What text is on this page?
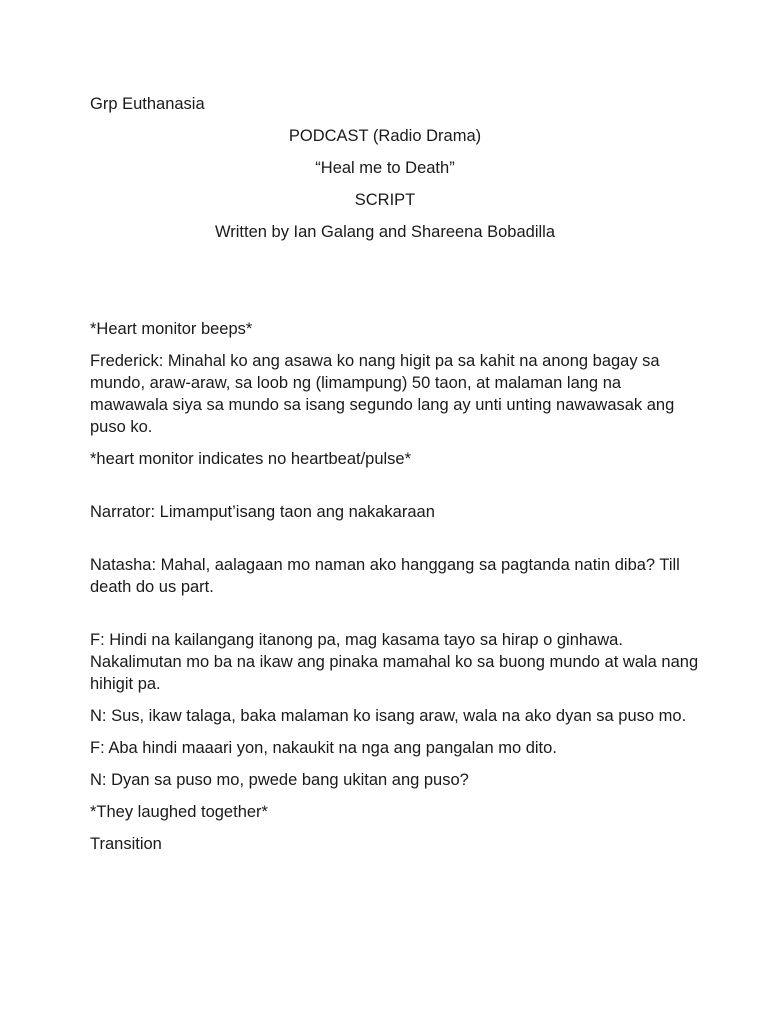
Grp Euthanasia

PODCAST (Radio Drama)

“Heal me to Death”

SCRIPT

Written by Ian Galang and Shareena Bobadilla

*Heart monitor beeps*

Frederick: Minahal ko ang asawa ko nang higit pa sa kahit na anong bagay sa mundo, araw-araw, sa loob ng (limampung) 50 taon, at malaman lang na mawawala siya sa mundo sa isang segundo lang ay unti unting nawawasak ang puso ko.

*heart monitor indicates no heartbeat/pulse*

Narrator: Limamput’isang taon ang nakakaraan

Natasha: Mahal, aalagaan mo naman ako hanggang sa pagtanda natin diba? Till death do us part.

F: Hindi na kailangang itanong pa, mag kasama tayo sa hirap o ginhawa. Nakalimutan mo ba na ikaw ang pinaka mamahal ko sa buong mundo at wala nang hihigit pa.

N: Sus, ikaw talaga, baka malaman ko isang araw, wala na ako dyan sa puso mo.

F: Aba hindi maaari yon, nakaukit na nga ang pangalan mo dito.

N: Dyan sa puso mo, pwede bang ukitan ang puso?

*They laughed together*

Transition
